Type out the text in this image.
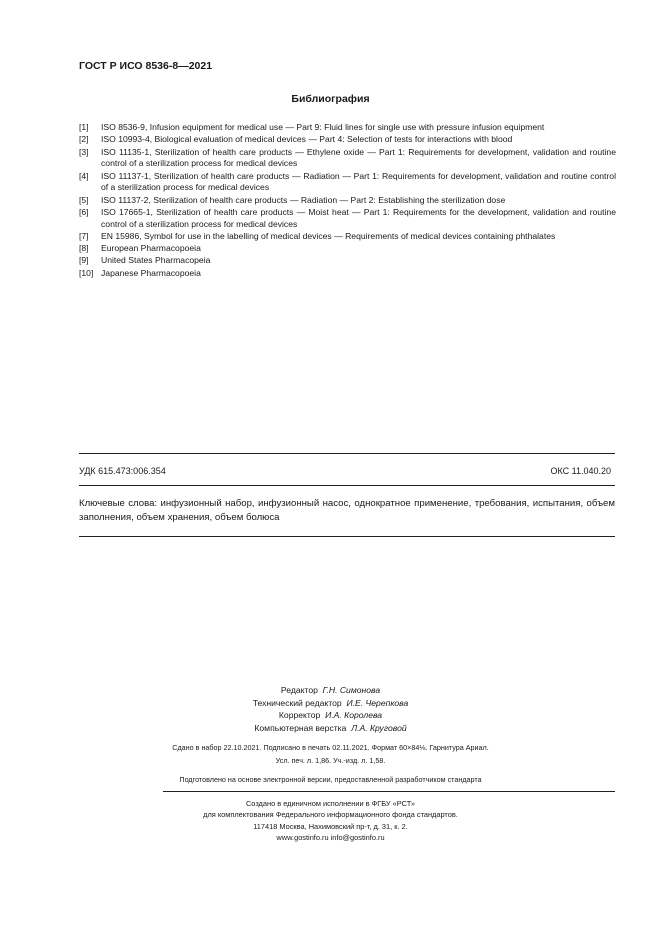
ГОСТ Р ИСО 8536-8—2021
Библиография
[1] ISO 8536-9, Infusion equipment for medical use — Part 9: Fluid lines for single use with pressure infusion equipment
[2] ISO 10993-4, Biological evaluation of medical devices — Part 4: Selection of tests for interactions with blood
[3] ISO 11135-1, Sterilization of health care products — Ethylene oxide — Part 1: Requirements for development, validation and routine control of a sterilization process for medical devices
[4] ISO 11137-1, Sterilization of health care products — Radiation — Part 1: Requirements for development, validation and routine control of a sterilization process for medical devices
[5] ISO 11137-2, Sterilization of health care products — Radiation — Part 2: Establishing the sterilization dose
[6] ISO 17665-1, Sterilization of health care products — Moist heat — Part 1: Requirements for the development, validation and routine control of a sterilization process for medical devices
[7] EN 15986, Symbol for use in the labelling of medical devices — Requirements of medical devices containing phthalates
[8] European Pharmacopoeia
[9] United States Pharmacopeia
[10] Japanese Pharmacopoeia
УДК 615.473:006.354	ОКС 11.040.20
Ключевые слова: инфузионный набор, инфузионный насос, однократное применение, требования, испытания, объем заполнения, объем хранения, объем болюса
Редактор Г.Н. Симонова
Технический редактор И.Е. Черепкова
Корректор И.А. Королева
Компьютерная верстка Л.А. Круговой
Сдано в набор 22.10.2021. Подписано в печать 02.11.2021. Формат 60×84⅛. Гарнитура Ариал.
Усл. печ. л. 1,86. Уч.-изд. л. 1,58.
Подготовлено на основе электронной версии, предоставленной разработчиком стандарта
Создано в единичном исполнении в ФГБУ «РСТ»
для комплектования Федерального информационного фонда стандартов.
117418 Москва, Нахимовский пр-т, д. 31, к. 2.
www.gostinfo.ru info@gostinfo.ru
